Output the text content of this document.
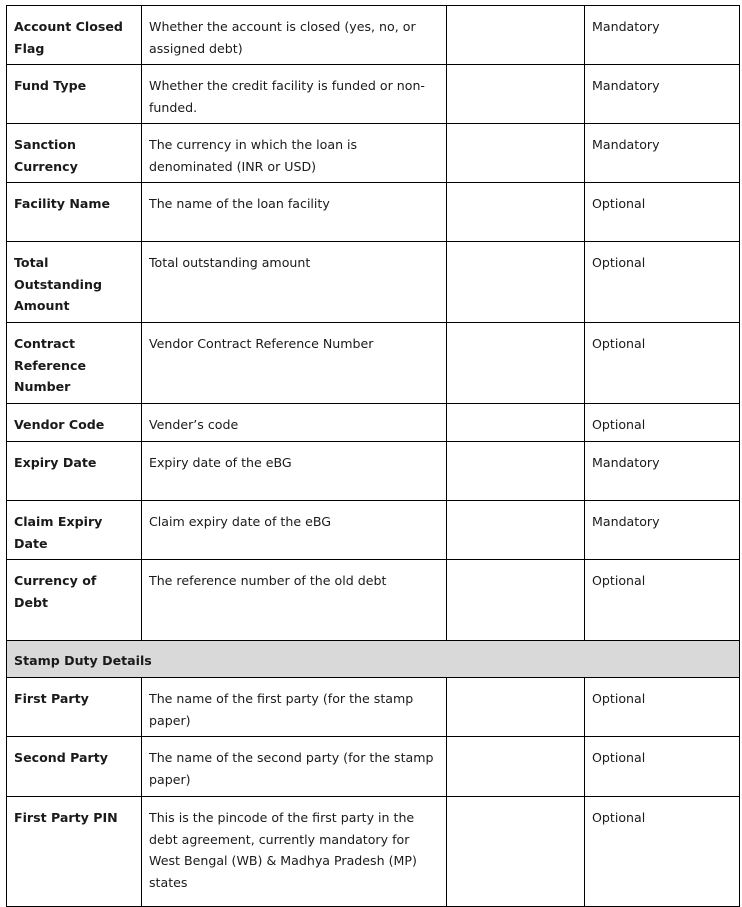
Account Closed Flag	Whether the account is closed (yes, no, or assigned debt)		Mandatory
Fund Type	Whether the credit facility is funded or non-funded.		Mandatory
Sanction Currency	The currency in which the loan is denominated (INR or USD)		Mandatory
Facility Name	The name of the loan facility		Optional
Total Outstanding Amount	Total outstanding amount		Optional
Contract Reference Number	Vendor Contract Reference Number		Optional
Vendor Code	Vender’s code		Optional
Expiry Date	Expiry date of the eBG		Mandatory
Claim Expiry Date	Claim expiry date of the eBG		Mandatory
Currency of Debt	The reference number of the old debt		Optional
Stamp Duty Details			
First Party	The name of the first party (for the stamp paper)		Optional
Second Party	The name of the second party (for the stamp paper)		Optional
First Party PIN	This is the pincode of the first party in the debt agreement, currently mandatory for West Bengal (WB) & Madhya Pradesh (MP) states		Optional
